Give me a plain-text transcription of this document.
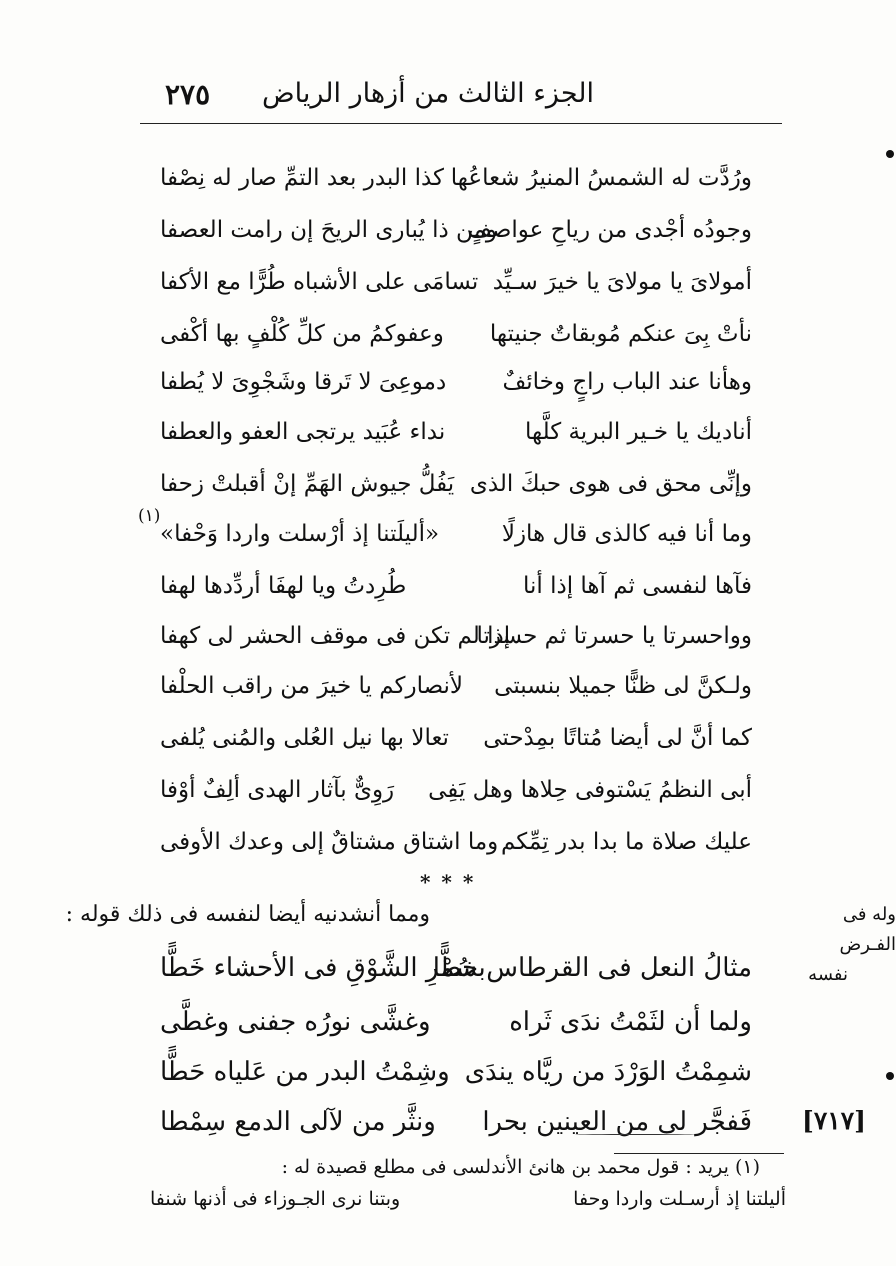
٢٧٥ الجزء الثالث من أزهار الرياض
ورُدَّت له الشمسُ المنيرُ شعاعُها
كذا البدر بعد التمِّ صار له نِصْفا
وجودُه أجْدى من رياحِ عواصفٍ
ومن ذا يُبارى الريحَ إن رامت العصفا
أمولاىَ يا مولاىَ يا خيرَ سـيِّد
تسامَى على الأشباه طُرًّا مع الأكفا
نأتْ بِىَ عنكم مُوبقاتٌ جنيتها
وعفوكمُ من كلِّ كُلْفٍ بها أكْفى
وهأنا عند الباب راجٍ وخائفٌ
دموعِىَ لا تَرقا وشَجْوِىَ لا يُطفا
أناديك يا خـير البرية كلَّها
نداء عُبَيد يرتجى العفو والعطفا
وإنِّى محق فى هوى حبكَ الذى
يَفُلُّ جيوش الهَمِّ إنْ أقبلتْ زحفا
وما أنا فيه كالذى قال هازلًا
«أليلَتنا إذ أرْسلت واردا وَحْفا»
فآها لنفسى ثم آها إذا أنا
طُرِدتُ ويا لهفَا أردِّدها لهفا
وواحسرتا يا حسرتا ثم حسرتا
إذا لم تكن فى موقف الحشر لى كهفا
ولـكنَّ لى ظنًّا جميلا بنسبتى
لأنصاركم يا خيرَ من راقب الحلْفا
كما أنَّ لى أيضا مُتاتًا بمِدْحتى
تعالا بها نيل العُلى والمُنى يُلفى
أبى النظمُ يَسْتوفى حِلاها وهل يَفِى
رَوِىٌّ بآثار الهدى ألِفٌ أوْفا
عليك صلاة ما بدا بدر تِمِّكم
وما اشتاق مشتاقٌ إلى وعدك الأوفى
(١)
* * *
ومما أنشدنيه أيضا لنفسه فى ذلك قوله :	وله فى الفـرض
نفسه
مثالُ النعل فى القرطاس خطًّا
بسُمْرِ الشَّوْقِ فى الأحشاء خَطًّا
ولما أن لثَمْتُ ندَى ثَراه
وغشَّى نورُه جفنى وغطَّى
شمِمْتُ الوَرْدَ من ريَّاه يندَى
وشِمْتُ البدر من عَلياه حَطًّا
فَفجَّر لى من العينين بحرا
ونثَّر من لآلى الدمع سِمْطا	[٧١٧]
(١) يريد : قول محمد بن هانئ الأندلسى فى مطلع قصيدة له :
أليلتنا إذ أرسـلت واردا وحفا
وبتنا نرى الجـوزاء فى أذنها شنفا
